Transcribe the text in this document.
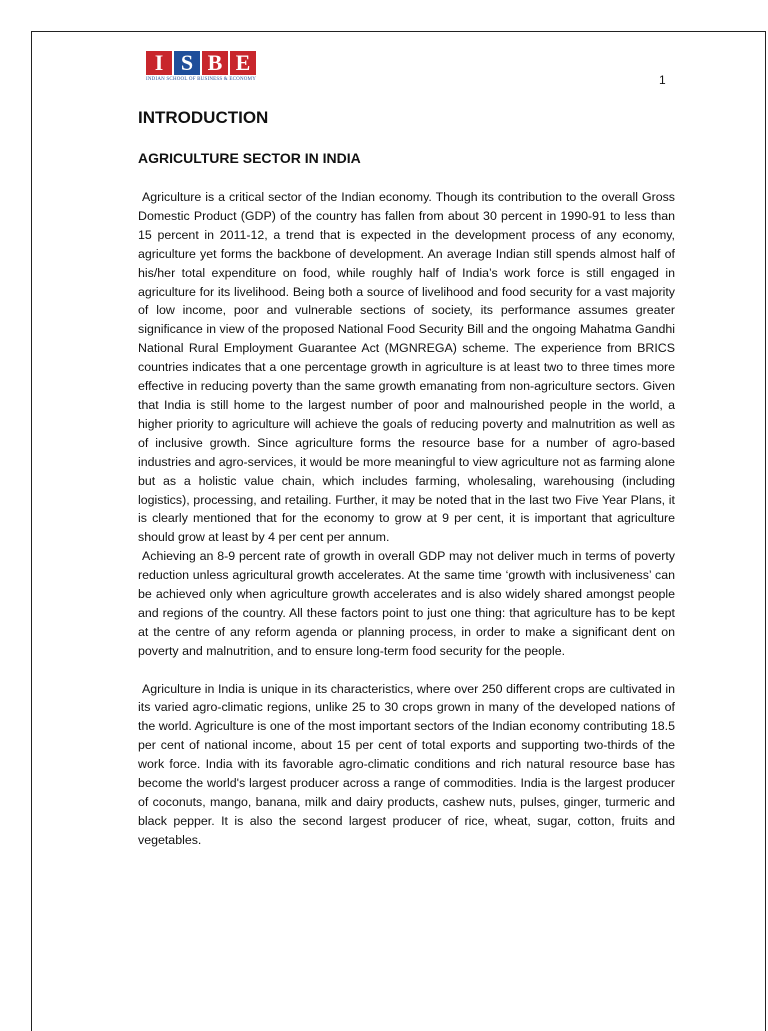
I S B E
INDIAN SCHOOL OF BUSINESS & ECONOMY	1
INTRODUCTION
AGRICULTURE SECTOR IN INDIA

Agriculture is a critical sector of the Indian economy. Though its contribution to the overall Gross Domestic Product (GDP) of the country has fallen from about 30 percent in 1990-91 to less than 15 percent in 2011-12, a trend that is expected in the development process of any economy, agriculture yet forms the backbone of development. An average Indian still spends almost half of his/her total expenditure on food, while roughly half of India’s work force is still engaged in agriculture for its livelihood. Being both a source of livelihood and food security for a vast majority of low income, poor and vulnerable sections of society, its performance assumes greater significance in view of the proposed National Food Security Bill and the ongoing Mahatma Gandhi National Rural Employment Guarantee Act (MGNREGA) scheme. The experience from BRICS countries indicates that a one percentage growth in agriculture is at least two to three times more effective in reducing poverty than the same growth emanating from non-agriculture sectors. Given that India is still home to the largest number of poor and malnourished people in the world, a higher priority to agriculture will achieve the goals of reducing poverty and malnutrition as well as of inclusive growth. Since agriculture forms the resource base for a number of agro-based industries and agro-services, it would be more meaningful to view agriculture not as farming alone but as a holistic value chain, which includes farming, wholesaling, warehousing (including logistics), processing, and retailing. Further, it may be noted that in the last two Five Year Plans, it is clearly mentioned that for the economy to grow at 9 per cent, it is important that agriculture should grow at least by 4 per cent per annum.

Achieving an 8-9 percent rate of growth in overall GDP may not deliver much in terms of poverty reduction unless agricultural growth accelerates. At the same time ‘growth with inclusiveness’ can be achieved only when agriculture growth accelerates and is also widely shared amongst people and regions of the country. All these factors point to just one thing: that agriculture has to be kept at the centre of any reform agenda or planning process, in order to make a significant dent on poverty and malnutrition, and to ensure long-term food security for the people.

Agriculture in India is unique in its characteristics, where over 250 different crops are cultivated in its varied agro-climatic regions, unlike 25 to 30 crops grown in many of the developed nations of the world. Agriculture is one of the most important sectors of the Indian economy contributing 18.5 per cent of national income, about 15 per cent of total exports and supporting two-thirds of the work force. India with its favorable agro-climatic conditions and rich natural resource base has become the world's largest producer across a range of commodities. India is the largest producer of coconuts, mango, banana, milk and dairy products, cashew nuts, pulses, ginger, turmeric and black pepper. It is also the second largest producer of rice, wheat, sugar, cotton, fruits and vegetables.
